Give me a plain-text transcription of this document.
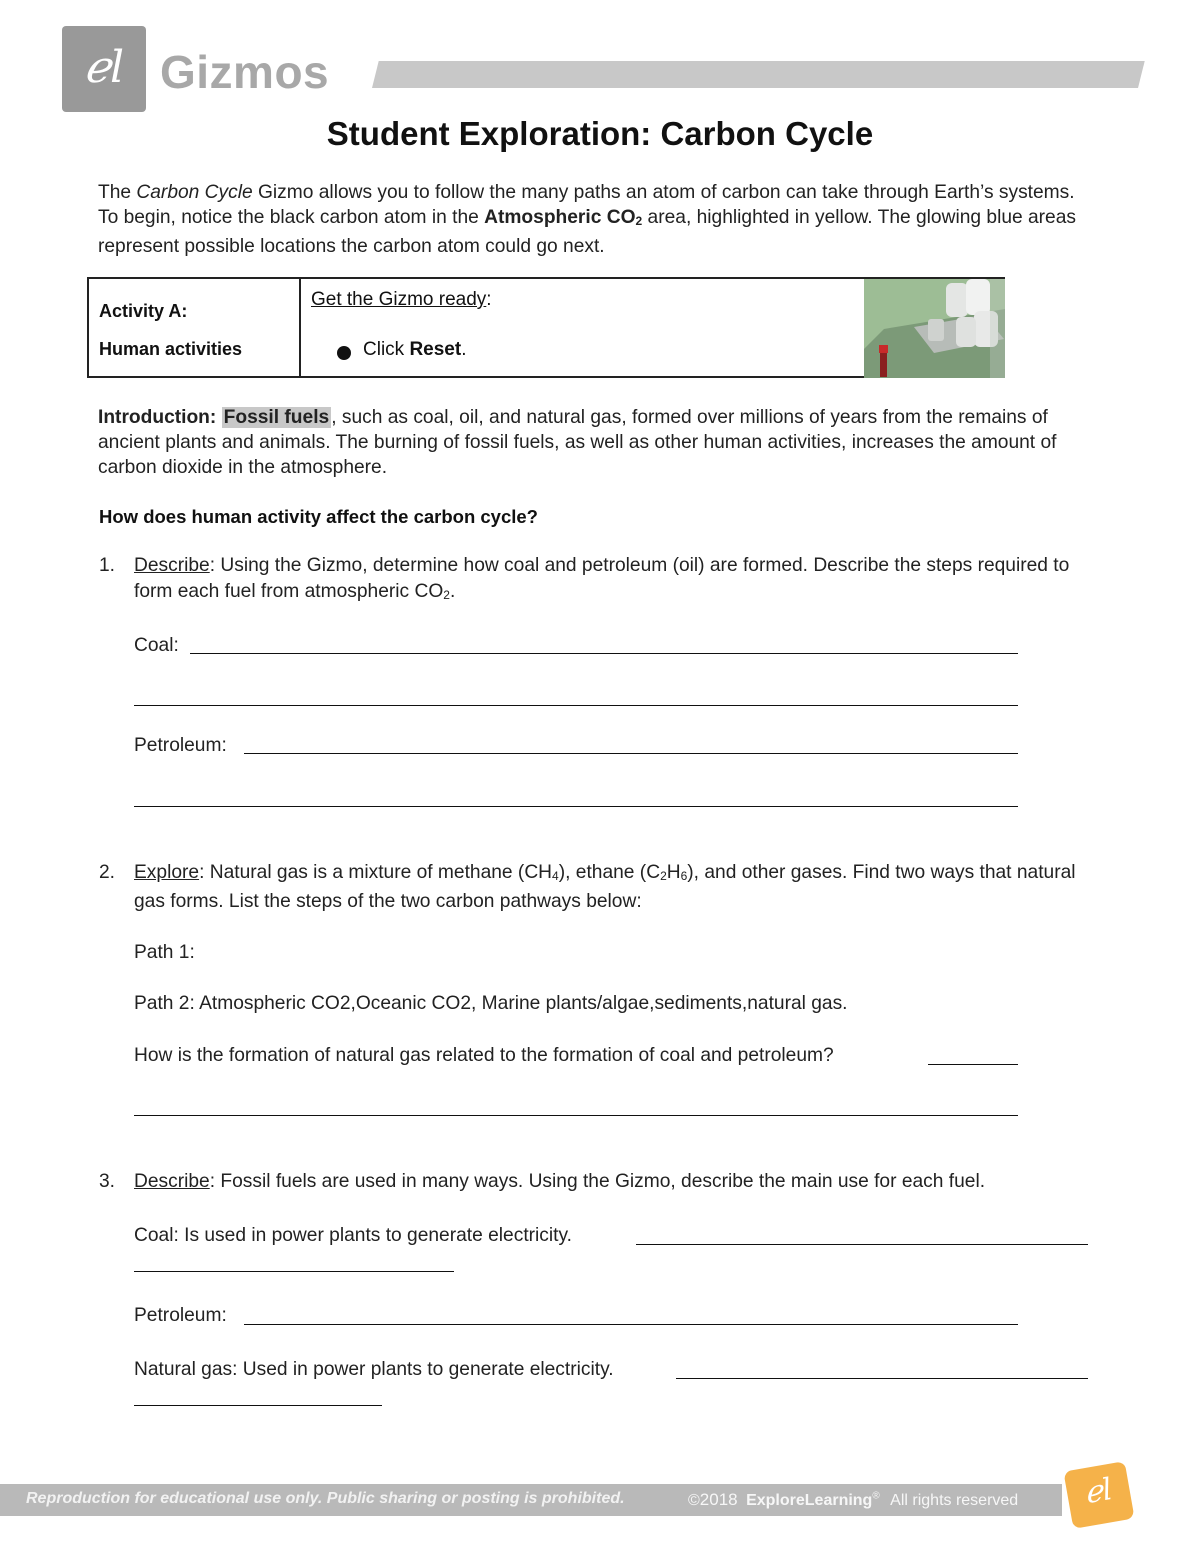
ℯl Gizmos
Student Exploration: Carbon Cycle
The Carbon Cycle Gizmo allows you to follow the many paths an atom of carbon can take through Earth’s systems. To begin, notice the black carbon atom in the Atmospheric $CO_2$ area, highlighted in yellow. The glowing blue areas represent possible locations the carbon atom could go next.
Activity A:
Human activities
Get the Gizmo ready:
Click Reset.
Introduction: Fossil fuels , such as coal, oil, and natural gas, formed over millions of years from the remains of ancient plants and animals. The burning of fossil fuels, as well as other human activities, increases the amount of carbon dioxide in the atmosphere.
How does human activity affect the carbon cycle?
1. Describe: Using the Gizmo, determine how coal and petroleum (oil) are formed. Describe the steps required to form each fuel from atmospheric $CO_2$.
Coal:
Petroleum:
2. Explore: Natural gas is a mixture of methane $(CH_4)$, ethane $(C_2H_6)$, and other gases. Find two ways that natural gas forms. List the steps of the two carbon pathways below:
Path 1:
Path 2: Atmospheric CO2,Oceanic CO2, Marine plants/algae,sediments,natural gas.
How is the formation of natural gas related to the formation of coal and petroleum?
3. Describe: Fossil fuels are used in many ways. Using the Gizmo, describe the main use for each fuel.
Coal: Is used in power plants to generate electricity.
Petroleum:
Natural gas: Used in power plants to generate electricity.
Reproduction for educational use only. Public sharing or posting is prohibited.	©2018 ExploreLearning® All rights reserved	ℯl
